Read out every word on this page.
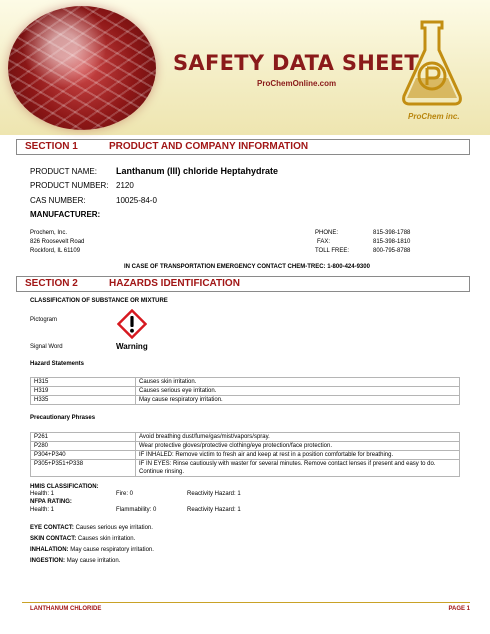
SAFETY DATA SHEET
ProChemOnline.com
ProChem inc.
SECTION 1	PRODUCT AND COMPANY INFORMATION
PRODUCT NAME: Lanthanum (III) chloride Heptahydrate
PRODUCT NUMBER: 2120
CAS NUMBER:	10025-84-0
MANUFACTURER:
Prochem, Inc.
826 Roosevelt Road
Rockford, IL 61109
PHONE:	815-398-1788
FAX:	815-398-1810
TOLL FREE:	800-795-8788
IN CASE OF TRANSPORTATION EMERGENCY CONTACT CHEM-TREC: 1-800-424-9300
SECTION 2	HAZARDS IDENTIFICATION
CLASSIFICATION OF SUBSTANCE OR MIXTURE
Pictogram
Signal Word	Warning
Hazard Statements
H315	Causes skin irritation.
H319	Causes serious eye irritation.
H335	May cause respiratory irritation.
Precautionary Phrases
P261	Avoid breathing dust/fume/gas/mist/vapors/spray.
P280	Wear protective gloves/protective clothing/eye protection/face protection.
P304+P340	IF INHALED: Remove victim to fresh air and keep at rest in a position comfortable for breathing.
P305+P351+P338	IF IN EYES: Rinse cautiously with waster for several minutes. Remove contact lenses if present and easy to do. Continue rinsing.
HMIS CLASSIFICATION:
Health: 1	Fire: 0	Reactivity Hazard: 1
NFPA RATING:
Health: 1	Flammability: 0	Reactivity Hazard: 1
EYE CONTACT: Causes serious eye irritation.
SKIN CONTACT: Causes skin irritation.
INHALATION: May cause respiratory irritation.
INGESTION: May cause irritation.
LANTHANUM CHLORIDE	PAGE 1
